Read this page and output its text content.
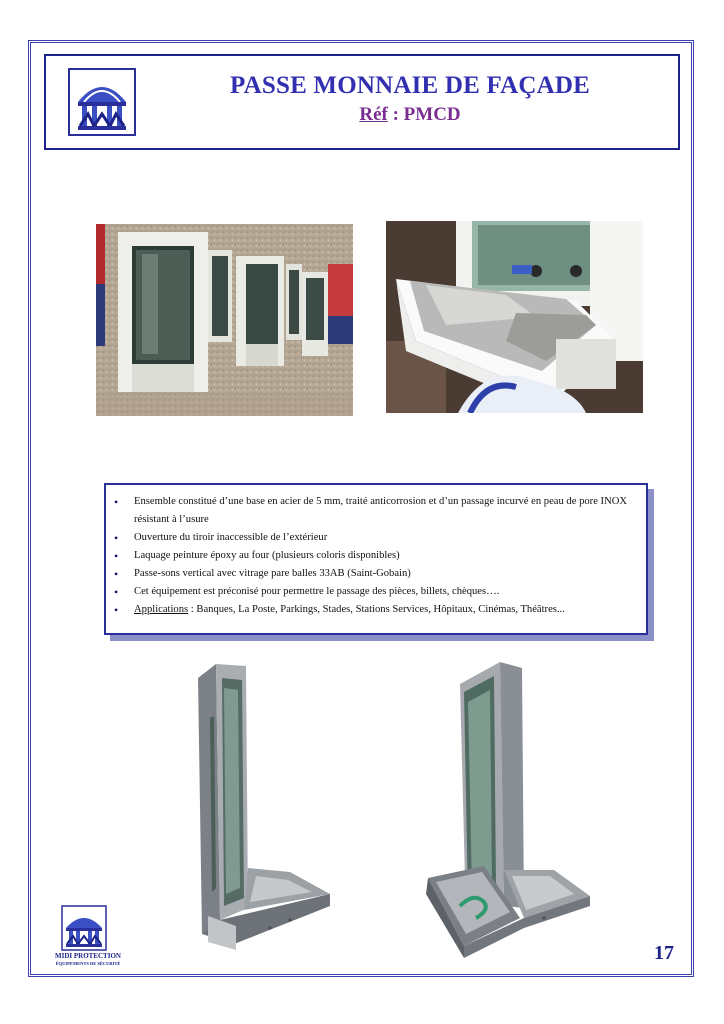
PASSE MONNAIE DE FAÇADE
Réf : PMCD
• Ensemble constitué d’une base en acier de 5 mm, traité anticorrosion et d’un passage incurvé en peau de pore INOX résistant à l’usure
• Ouverture du tiroir inaccessible de l’extérieur
• Laquage peinture époxy au four (plusieurs coloris disponibles)
• Passe-sons vertical avec vitrage pare balles 33AB (Saint-Gobain)
• Cet équipement est préconisé pour permettre le passage des pièces, billets, chèques….
• Applications : Banques, La Poste, Parkings, Stades, Stations Services, Hôpitaux, Cinémas, Théâtres...
MIDI PROTECTION
ÉQUIPEMENTS DE SÉCURITÉ	17
